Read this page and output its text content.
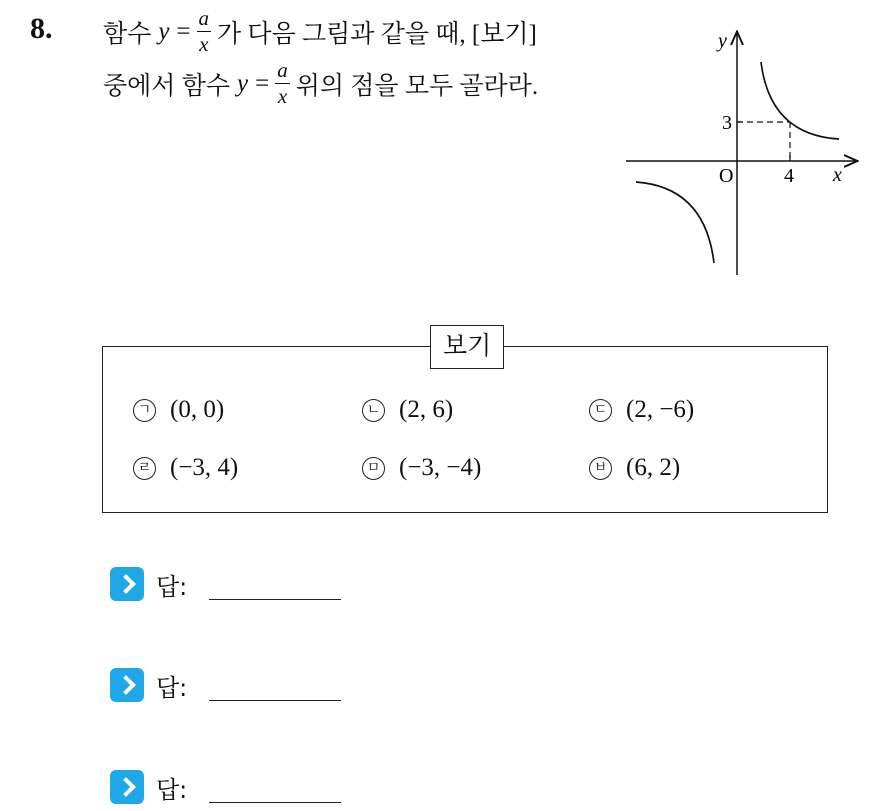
8. 함수 $y = \frac{a}{x}$ 가 다음 그림과 같을 때, [보기]
중에서 함수 $y = \frac{a}{x}$ 위의 점을 모두 골라라.
y
x
O	4
3
보기
ㄱ (0, 0)	ㄴ (2, 6)	ㄷ (2, −6)
ㄹ (−3, 4)	ㅁ (−3, −4)	ㅂ (6, 2)
답:
답:
답:
